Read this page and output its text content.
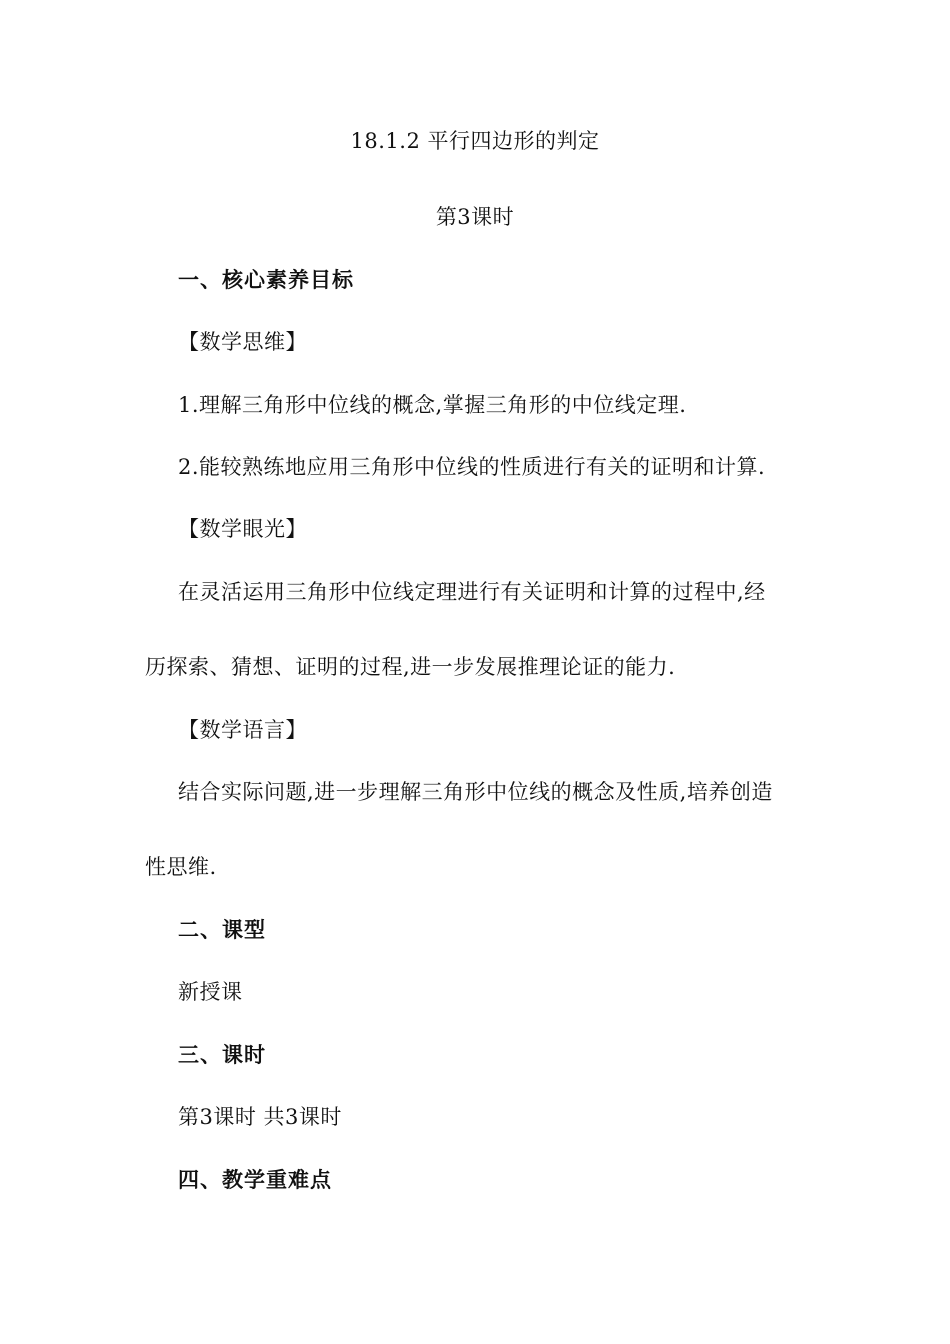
18.1.2 平行四边形的判定
第3课时
一、核心素养目标
【数学思维】
1.理解三角形中位线的概念,掌握三角形的中位线定理.
2.能较熟练地应用三角形中位线的性质进行有关的证明和计算.
【数学眼光】
在灵活运用三角形中位线定理进行有关证明和计算的过程中,经
历探索、猜想、证明的过程,进一步发展推理论证的能力.
【数学语言】
结合实际问题,进一步理解三角形中位线的概念及性质,培养创造
性思维.
二、课型
新授课
三、课时
第3课时 共3课时
四、教学重难点
